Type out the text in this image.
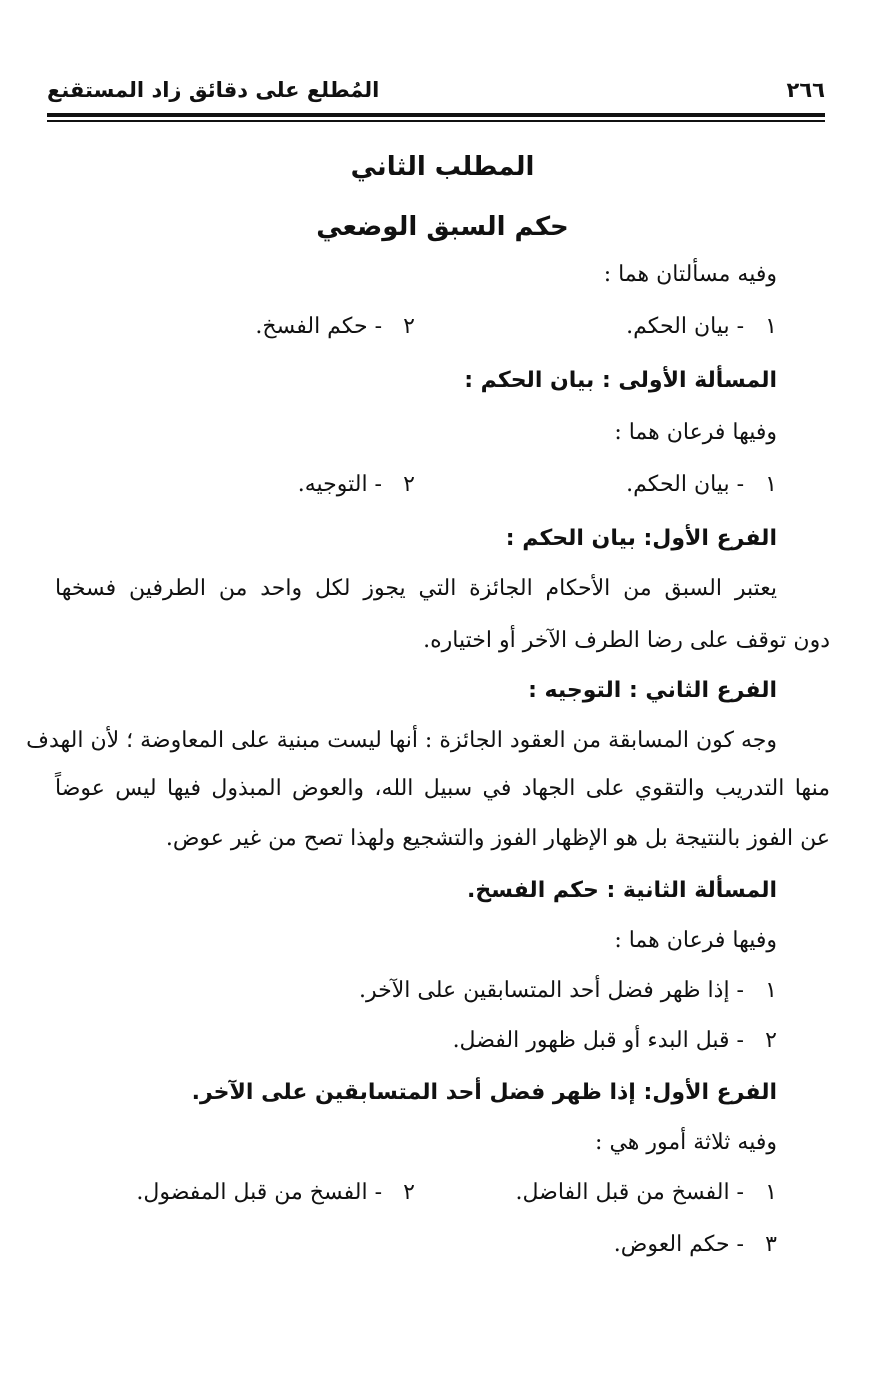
٢٦٦
المُطلع على دقائق زاد المستقنع
المطلب الثاني
حكم السبق الوضعي
وفيه مسألتان هما :
١ - بيان الحكم.
٢ - حكم الفسخ.
المسألة الأولى : بيان الحكم :
وفيها فرعان هما :
١ - بيان الحكم.
٢ - التوجيه.
الفرع الأول: بيان الحكم :
يعتبر السبق من الأحكام الجائزة التي يجوز لكل واحد من الطرفين فسخها
دون توقف على رضا الطرف الآخر أو اختياره.
الفرع الثاني : التوجيه :
وجه كون المسابقة من العقود الجائزة : أنها ليست مبنية على المعاوضة ؛ لأن الهدف
منها التدريب والتقوي على الجهاد في سبيل الله، والعوض المبذول فيها ليس عوضاً
عن الفوز بالنتيجة بل هو الإظهار الفوز والتشجيع ولهذا تصح من غير عوض.
المسألة الثانية : حكم الفسخ.
وفيها فرعان هما :
١ - إذا ظهر فضل أحد المتسابقين على الآخر.
٢ - قبل البدء أو قبل ظهور الفضل.
الفرع الأول: إذا ظهر فضل أحد المتسابقين على الآخر.
وفيه ثلاثة أمور هي :
١ - الفسخ من قبل الفاضل.
٢ - الفسخ من قبل المفضول.
٣ - حكم العوض.
